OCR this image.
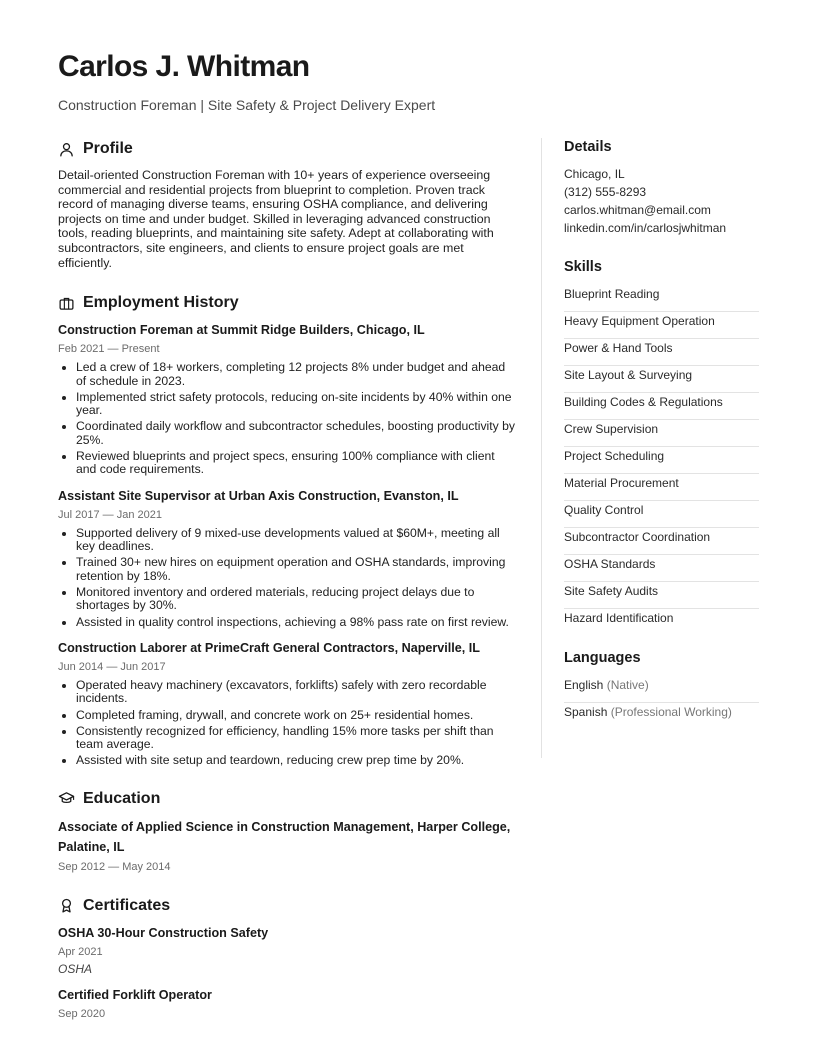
Carlos J. Whitman

Construction Foreman | Site Safety & Project Delivery Expert

Profile

Detail-oriented Construction Foreman with 10+ years of experience overseeing commercial and residential projects from blueprint to completion. Proven track record of managing diverse teams, ensuring OSHA compliance, and delivering projects on time and under budget. Skilled in leveraging advanced construction tools, reading blueprints, and maintaining site safety. Adept at collaborating with subcontractors, site engineers, and clients to ensure project goals are met efficiently.

Employment History

Construction Foreman at Summit Ridge Builders, Chicago, IL

Feb 2021 — Present

• Led a crew of 18+ workers, completing 12 projects 8% under budget and ahead of schedule in 2023.
• Implemented strict safety protocols, reducing on-site incidents by 40% within one year.
• Coordinated daily workflow and subcontractor schedules, boosting productivity by 25%.
• Reviewed blueprints and project specs, ensuring 100% compliance with client and code requirements.

Assistant Site Supervisor at Urban Axis Construction, Evanston, IL

Jul 2017 — Jan 2021

• Supported delivery of 9 mixed-use developments valued at $60M+, meeting all key deadlines.
• Trained 30+ new hires on equipment operation and OSHA standards, improving retention by 18%.
• Monitored inventory and ordered materials, reducing project delays due to shortages by 30%.
• Assisted in quality control inspections, achieving a 98% pass rate on first review.

Construction Laborer at PrimeCraft General Contractors, Naperville, IL

Jun 2014 — Jun 2017

• Operated heavy machinery (excavators, forklifts) safely with zero recordable incidents.
• Completed framing, drywall, and concrete work on 25+ residential homes.
• Consistently recognized for efficiency, handling 15% more tasks per shift than team average.
• Assisted with site setup and teardown, reducing crew prep time by 20%.
Education

Associate of Applied Science in Construction Management, Harper College, Palatine, IL

Sep 2012 — May 2014

Certificates

OSHA 30-Hour Construction Safety

Apr 2021

OSHA

Certified Forklift Operator

Sep 2020

Details

Chicago, IL

(312) 555-8293

carlos.whitman@email.com

linkedin.com/in/carlosjwhitman

Skills

Blueprint Reading
Heavy Equipment Operation
Power & Hand Tools
Site Layout & Surveying
Building Codes & Regulations
Crew Supervision
Project Scheduling
Material Procurement
Quality Control
Subcontractor Coordination
OSHA Standards
Site Safety Audits
Hazard Identification

Languages

English (Native)
Spanish (Professional Working)
